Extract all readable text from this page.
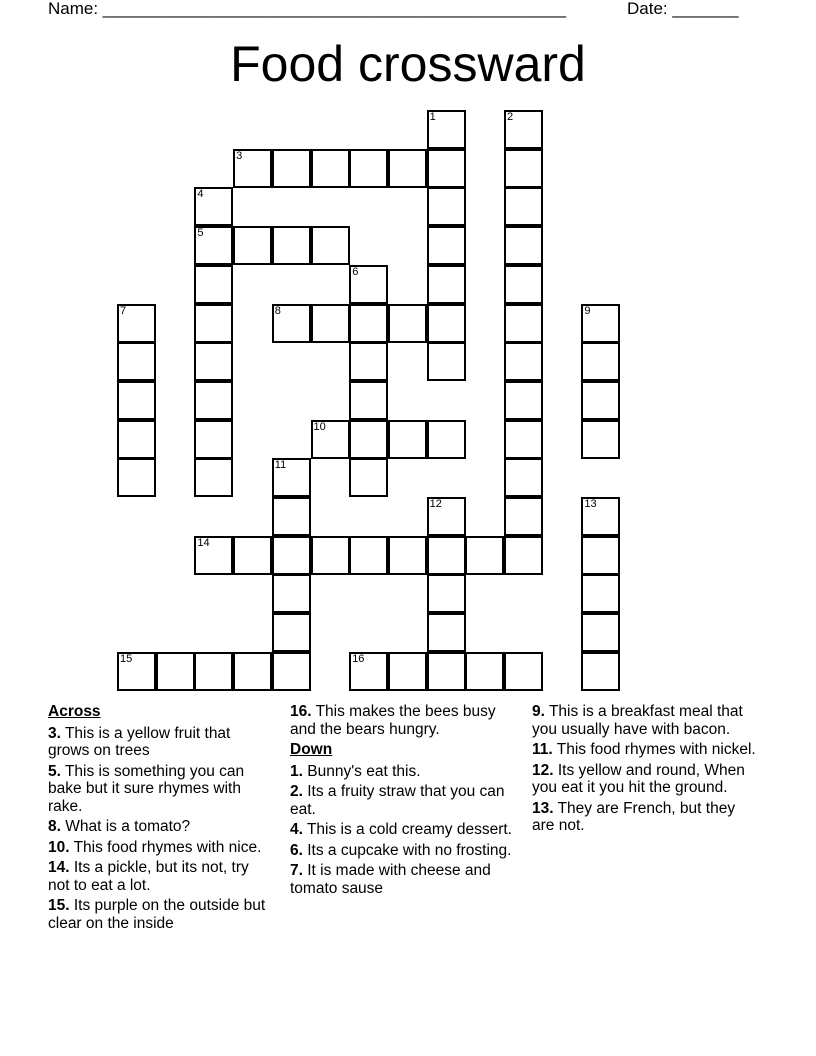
Name: _________________________________________________	Date: _______
Food crossward
1	2
3
4
5
6
7	8	9
10
11
12	13
14
15	16
Across
3. This is a yellow fruit that grows on trees
5. This is something you can bake but it sure rhymes with rake.
8. What is a tomato?
10. This food rhymes with nice.
14. Its a pickle, but its not, try not to eat a lot.
15. Its purple on the outside but clear on the inside
16. This makes the bees busy and the bears hungry.
Down
1. Bunny's eat this.
2. Its a fruity straw that you can eat.
4. This is a cold creamy dessert.
6. Its a cupcake with no frosting.
7. It is made with cheese and tomato sause
9. This is a breakfast meal that you usually have with bacon.
11. This food rhymes with nickel.
12. Its yellow and round, When you eat it you hit the ground.
13. They are French, but they are not.
